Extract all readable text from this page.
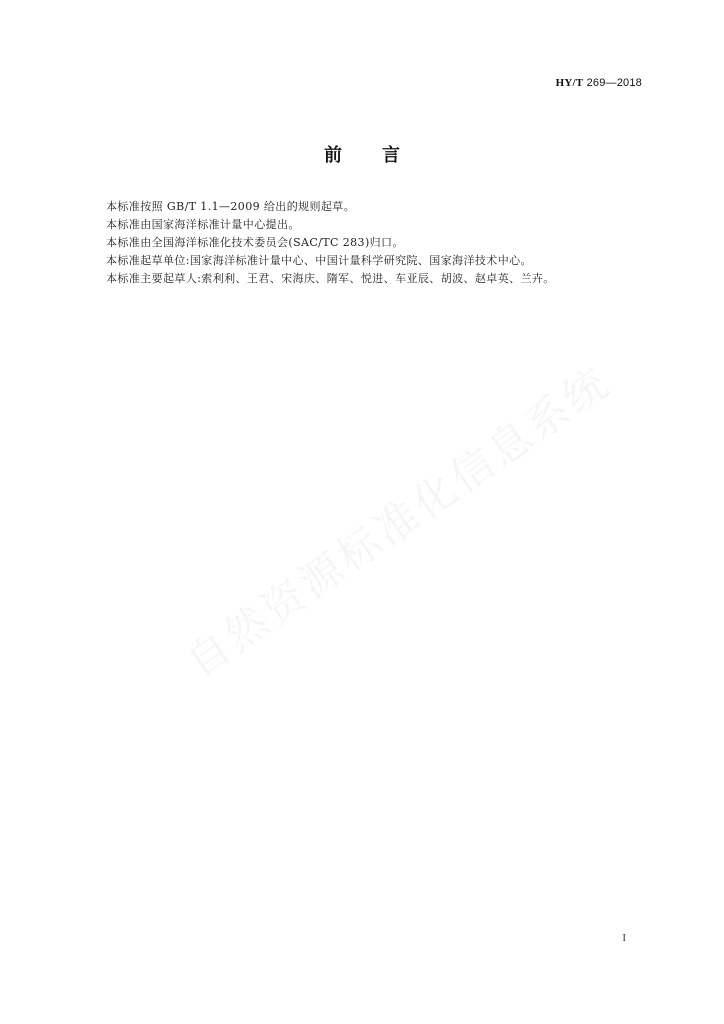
HY/T 269—2018
前 言
本标准按照 GB/T 1.1—2009 给出的规则起草。
本标准由国家海洋标准计量中心提出。
本标准由全国海洋标准化技术委员会(SAC/TC 283)归口。
本标准起草单位:国家海洋标准计量中心、中国计量科学研究院、国家海洋技术中心。
本标准主要起草人:索利利、王君、宋海庆、隋军、悦进、车亚辰、胡波、赵卓英、兰卉。
自然资源标准化信息系统
I
